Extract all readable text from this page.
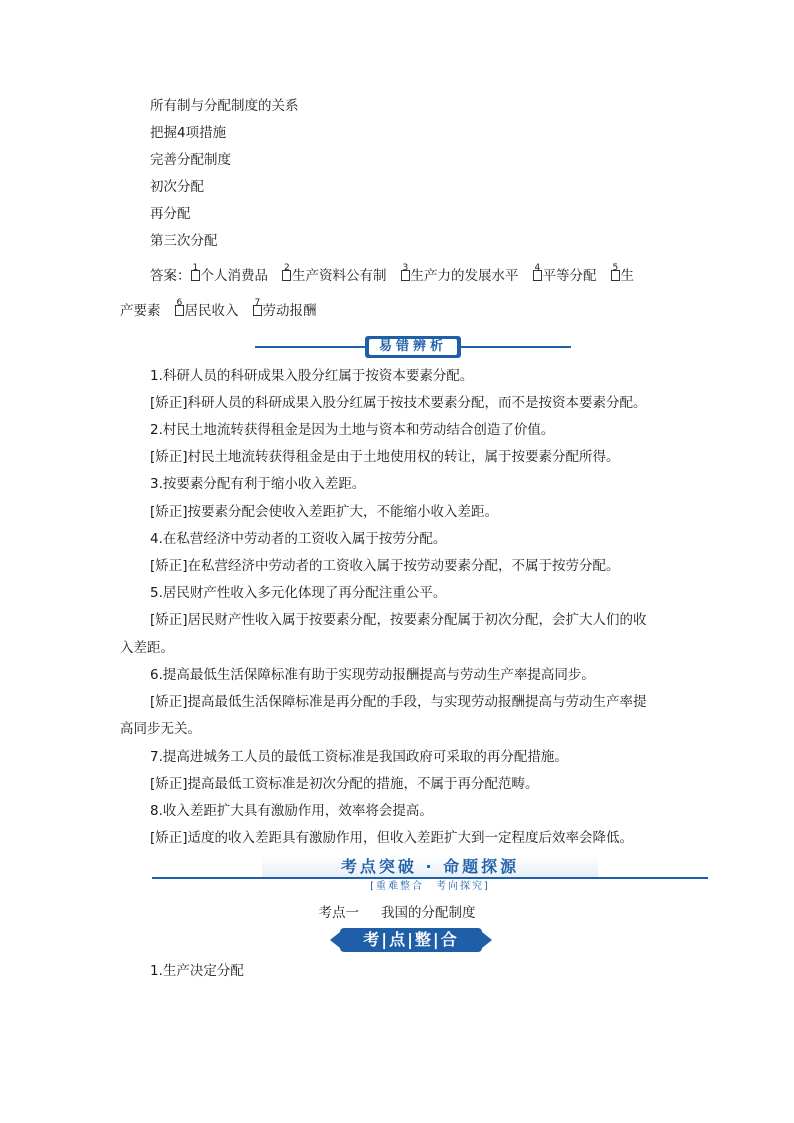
所有制与分配制度的关系
把握4项措施
完善分配制度
初次分配
再分配
第三次分配
答案： 1 个人消费品 2 生产资料公有制 3 生产力的发展水平 4 平等分配 5 生
产要素 6 居民收入 7 劳动报酬
易错辨析
1.科研人员的科研成果入股分红属于按资本要素分配。
[矫正]科研人员的科研成果入股分红属于按技术要素分配，而不是按资本要素分配。
2.村民土地流转获得租金是因为土地与资本和劳动结合创造了价值。
[矫正]村民土地流转获得租金是由于土地使用权的转让，属于按要素分配所得。
3.按要素分配有利于缩小收入差距。
[矫正]按要素分配会使收入差距扩大，不能缩小收入差距。
4.在私营经济中劳动者的工资收入属于按劳分配。
[矫正]在私营经济中劳动者的工资收入属于按劳动要素分配，不属于按劳分配。
5.居民财产性收入多元化体现了再分配注重公平。
[矫正]居民财产性收入属于按要素分配，按要素分配属于初次分配，会扩大人们的收
入差距。
6.提高最低生活保障标准有助于实现劳动报酬提高与劳动生产率提高同步。
[矫正]提高最低生活保障标准是再分配的手段，与实现劳动报酬提高与劳动生产率提
高同步无关。
7.提高进城务工人员的最低工资标准是我国政府可采取的再分配措施。
[矫正]提高最低工资标准是初次分配的措施，不属于再分配范畴。
8.收入差距扩大具有激励作用，效率将会提高。
[矫正]适度的收入差距具有激励作用，但收入差距扩大到一定程度后效率会降低。
考点突破 · 命题探源
[重难整合　考向探究]
考点一 我国的分配制度
考|点|整|合
1.生产决定分配
